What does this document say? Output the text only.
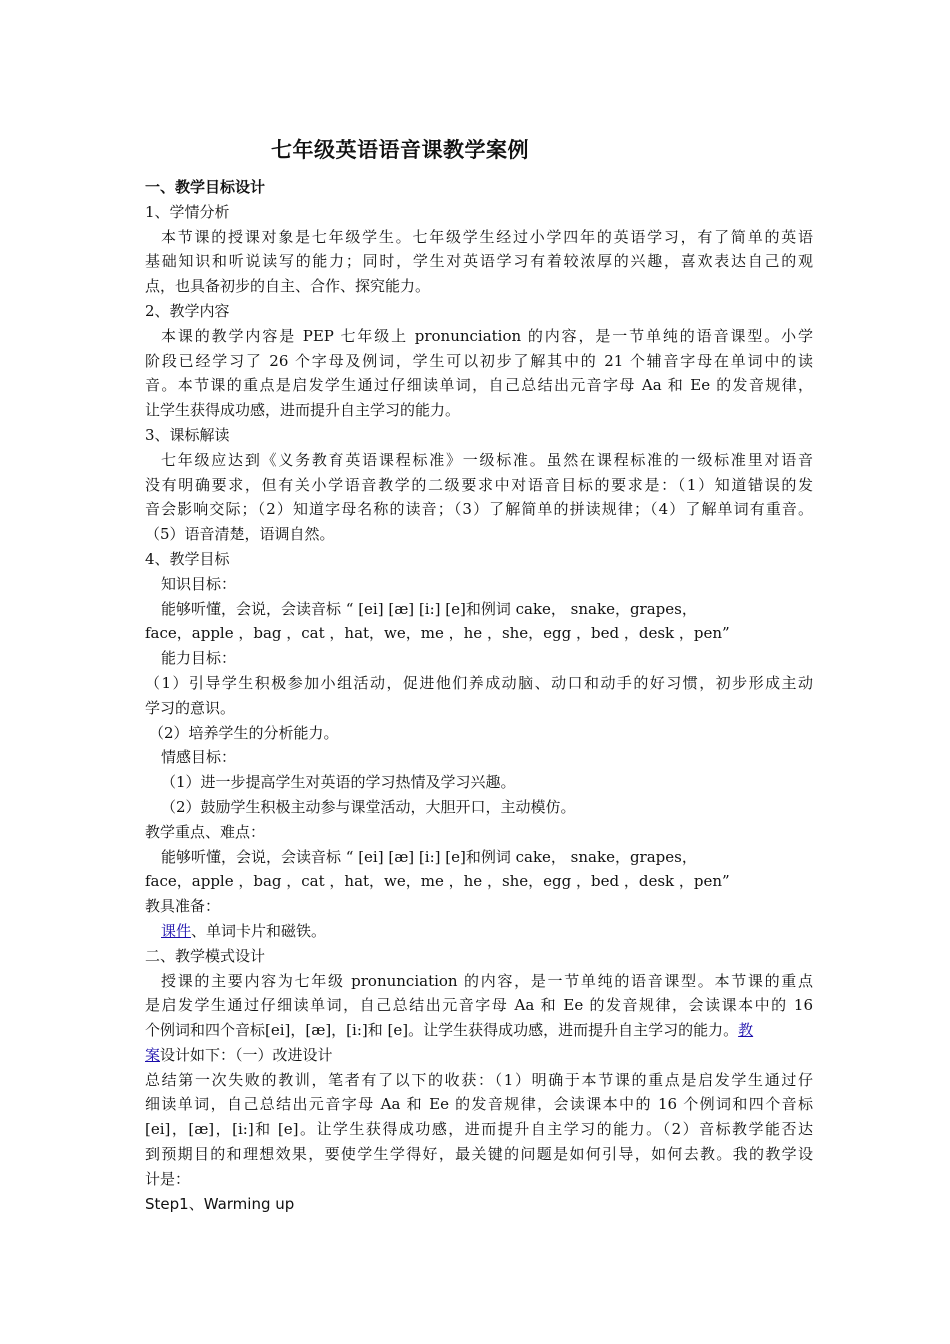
七年级英语语音课教学案例
一、教学目标设计
1、学情分析
本节课的授课对象是七年级学生。七年级学生经过小学四年的英语学习，有了简单的英语
基础知识和听说读写的能力；同时，学生对英语学习有着较浓厚的兴趣，喜欢表达自己的观
点，也具备初步的自主、合作、探究能力。
2、教学内容
本课的教学内容是 PEP 七年级上 pronunciation 的内容，是一节单纯的语音课型。小学
阶段已经学习了 26 个字母及例词，学生可以初步了解其中的 21 个辅音字母在单词中的读
音。本节课的重点是启发学生通过仔细读单词，自己总结出元音字母 Aa 和 Ee 的发音规律，
让学生获得成功感，进而提升自主学习的能力。
3、课标解读
七年级应达到《义务教育英语课程标准》一级标准。虽然在课程标准的一级标准里对语音
没有明确要求，但有关小学语音教学的二级要求中对语音目标的要求是：（1）知道错误的发
音会影响交际；（2）知道字母名称的读音；（3）了解简单的拼读规律；（4）了解单词有重音。
（5）语音清楚，语调自然。
4、教学目标
知识目标：
能够听懂，会说，会读音标 “ [ei] [æ] [i:] [e]和例词 cake， snake，grapes，
face，apple ，bag ，cat ，hat，we，me ，he ，she，egg ，bed ，desk ，pen”
能力目标：
（1）引导学生积极参加小组活动，促进他们养成动脑、动口和动手的好习惯，初步形成主动
学习的意识。
（2）培养学生的分析能力。
情感目标：
（1）进一步提高学生对英语的学习热情及学习兴趣。
（2）鼓励学生积极主动参与课堂活动，大胆开口，主动模仿。
教学重点、难点：
能够听懂，会说，会读音标 “ [ei] [æ] [i:] [e]和例词 cake， snake，grapes，
face，apple ，bag ，cat ，hat，we，me ，he ，she，egg ，bed ，desk ，pen”
教具准备：
课件、单词卡片和磁铁。
二、教学模式设计
授课的主要内容为七年级 pronunciation 的内容，是一节单纯的语音课型。本节课的重点
是启发学生通过仔细读单词，自己总结出元音字母 Aa 和 Ee 的发音规律，会读课本中的 16
个例词和四个音标[ei]，[æ]，[i:]和 [e]。让学生获得成功感，进而提升自主学习的能力。教
案设计如下：（一）改进设计
总结第一次失败的教训，笔者有了以下的收获：（1）明确于本节课的重点是启发学生通过仔
细读单词，自己总结出元音字母 Aa 和 Ee 的发音规律，会读课本中的 16 个例词和四个音标
[ei]，[æ]，[i:]和 [e]。让学生获得成功感，进而提升自主学习的能力。（2）音标教学能否达
到预期目的和理想效果，要使学生学得好，最关键的问题是如何引导，如何去教。我的教学设
计是：
Step1、Warming up
